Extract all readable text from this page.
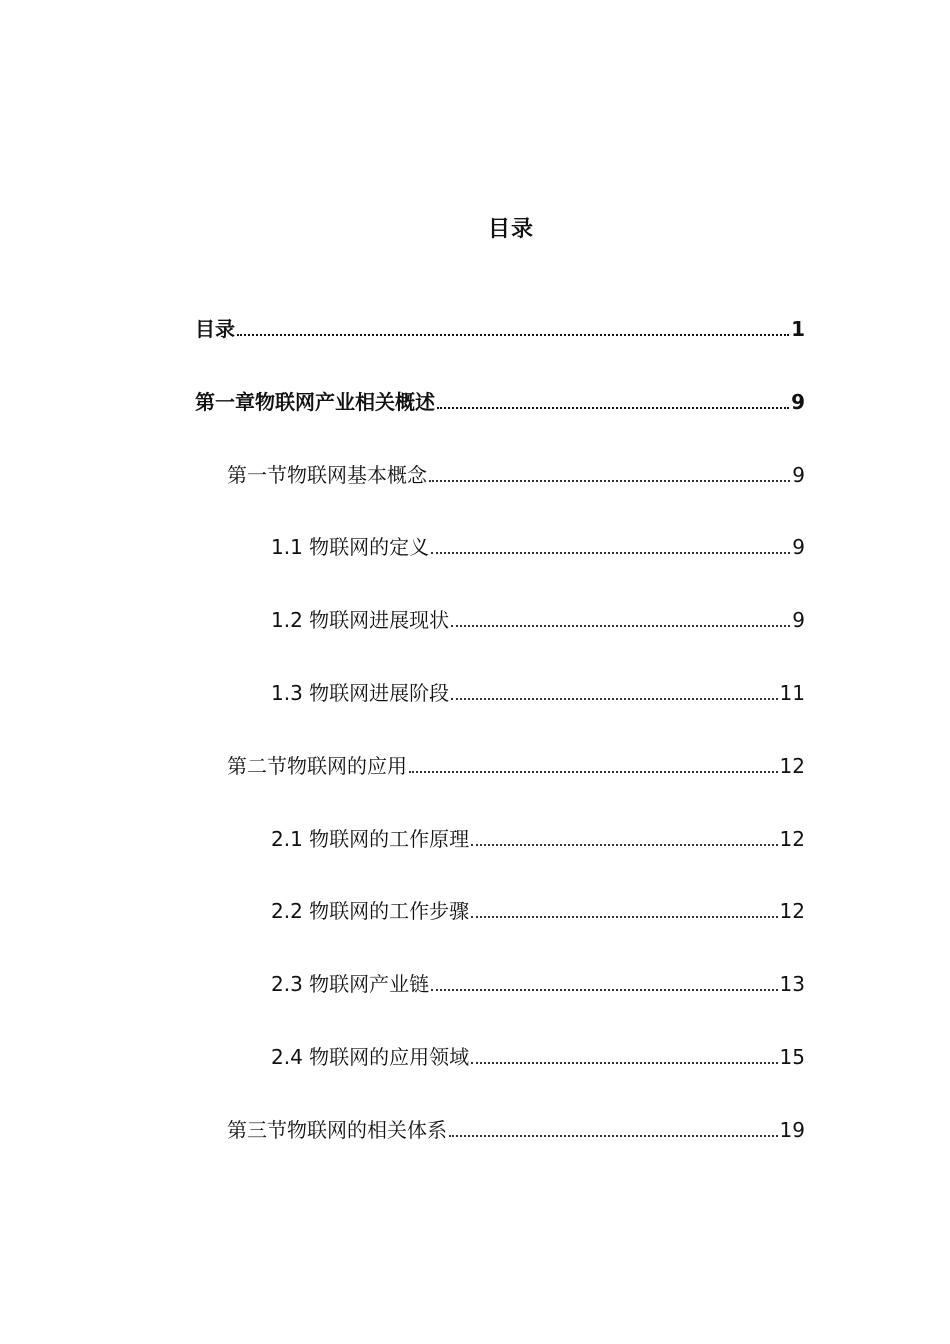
目录
目录	1
第一章物联网产业相关概述	9
第一节物联网基本概念	9
1.1 物联网的定义	9
1.2 物联网进展现状	9
1.3 物联网进展阶段	11
第二节物联网的应用	12
2.1 物联网的工作原理	12
2.2 物联网的工作步骤	12
2.3 物联网产业链	13
2.4 物联网的应用领域	15
第三节物联网的相关体系	19
